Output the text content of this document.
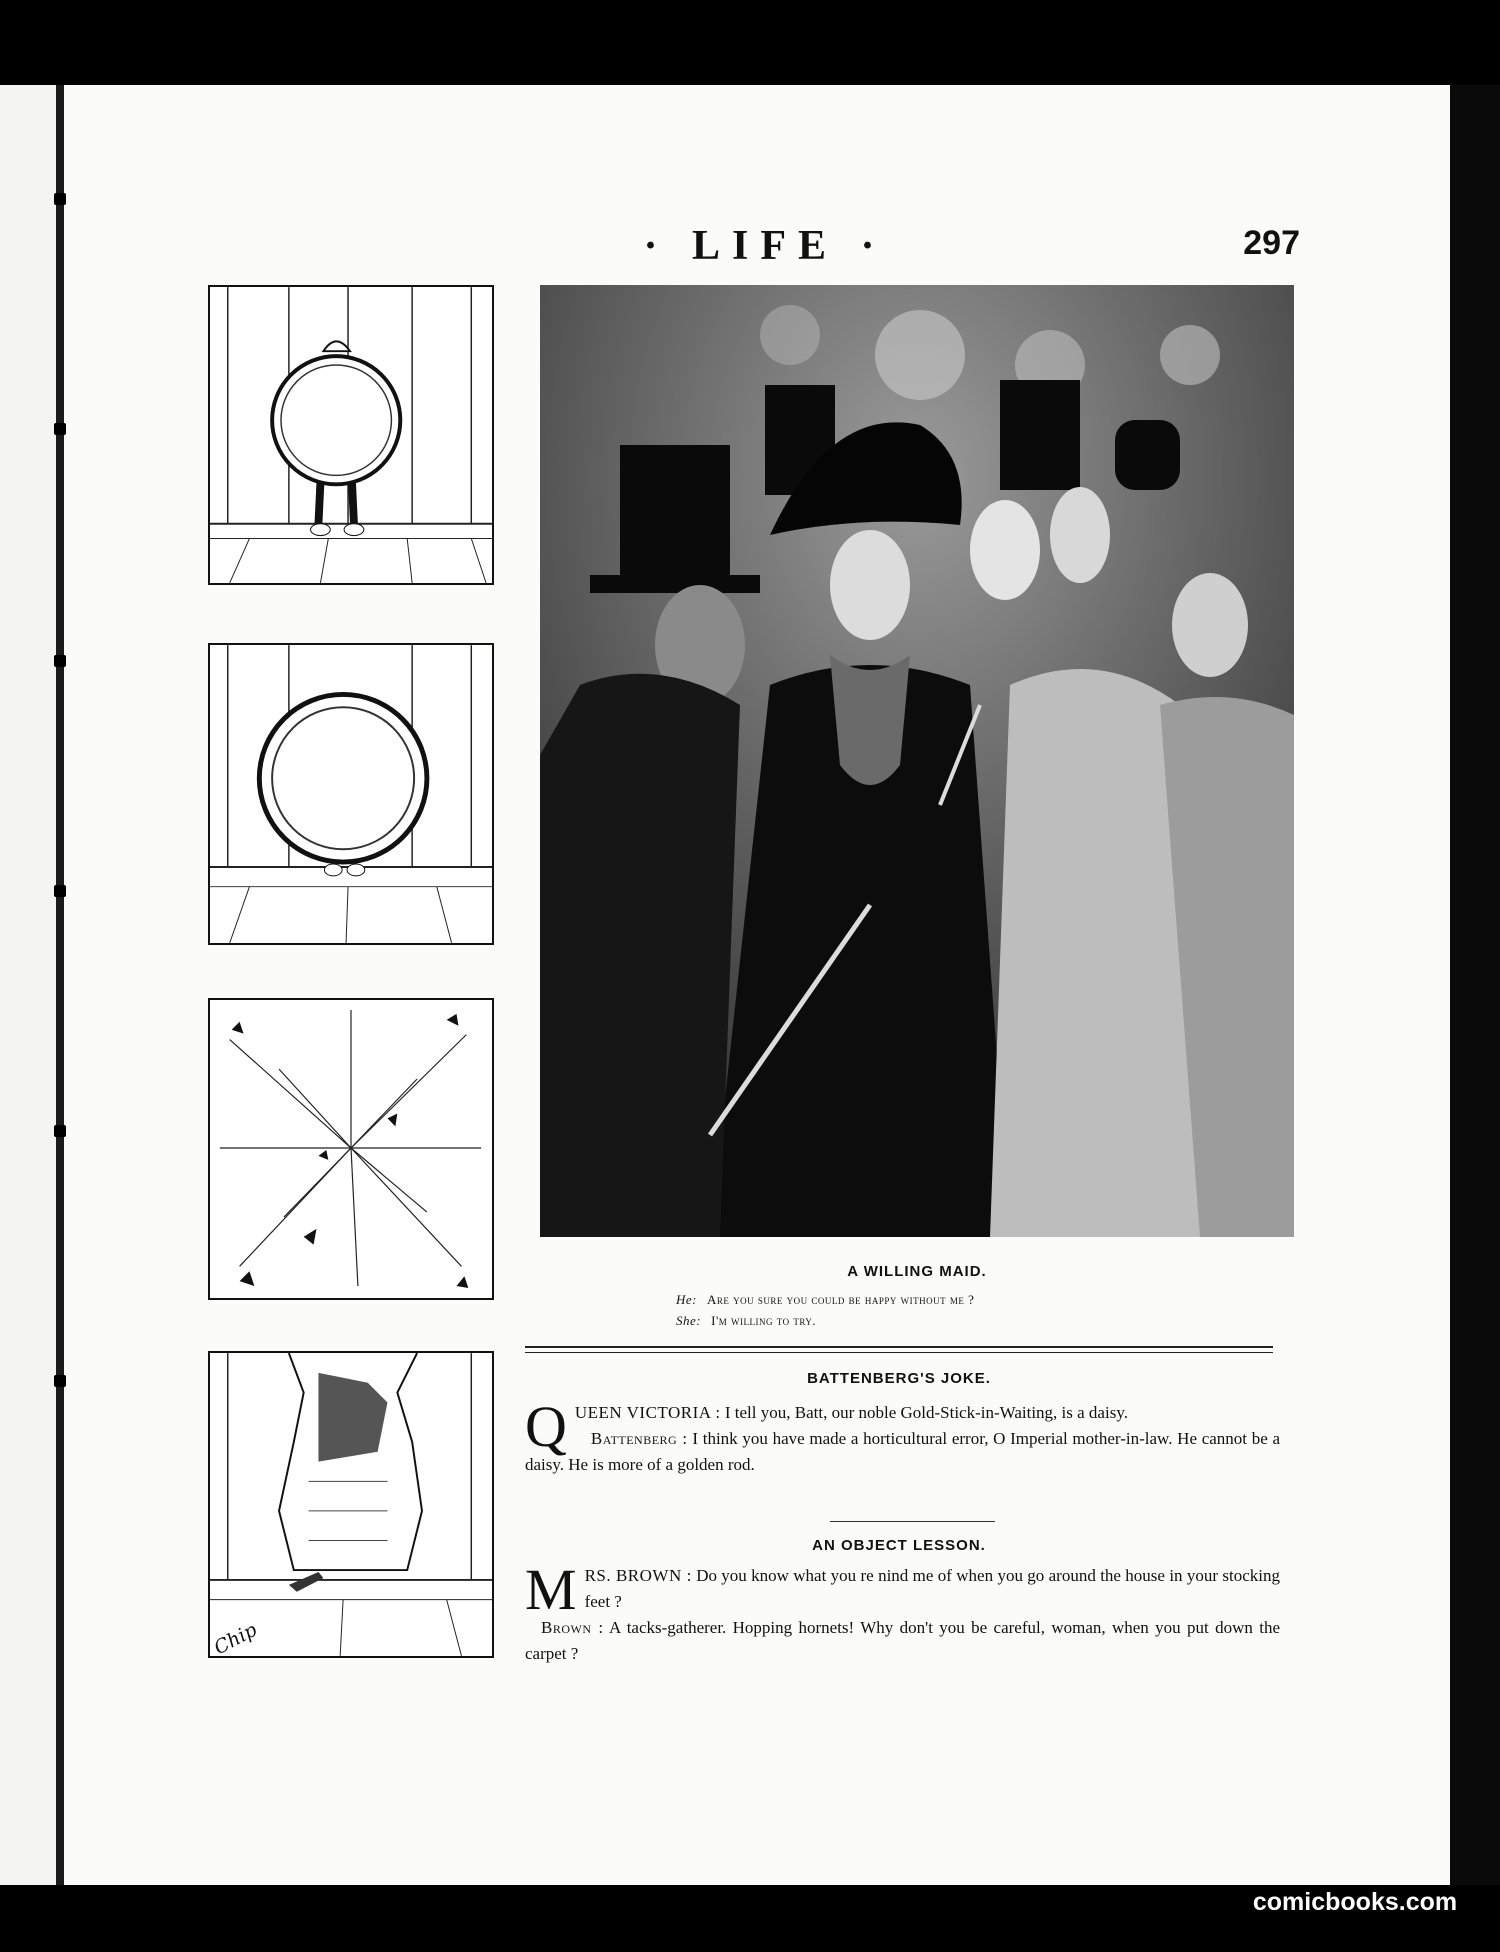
· LIFE ·	297
Chip
A WILLING MAID.
He: Are you sure you could be happy without me ?
She: I'm willing to try.
BATTENBERG'S JOKE.
QUEEN VICTORIA : I tell you, Batt, our noble Gold-Stick-in-Waiting, is a daisy.
Battenberg : I think you have made a horticultural error, O Imperial mother-in-law. He cannot be a daisy. He is more of a golden rod.
AN OBJECT LESSON.
MRS. BROWN : Do you know what you re nind me of when you go around the house in your stocking feet ?
Brown : A tacks-gatherer. Hopping hornets! Why don't you be careful, woman, when you put down the carpet ?
comicbooks.com
